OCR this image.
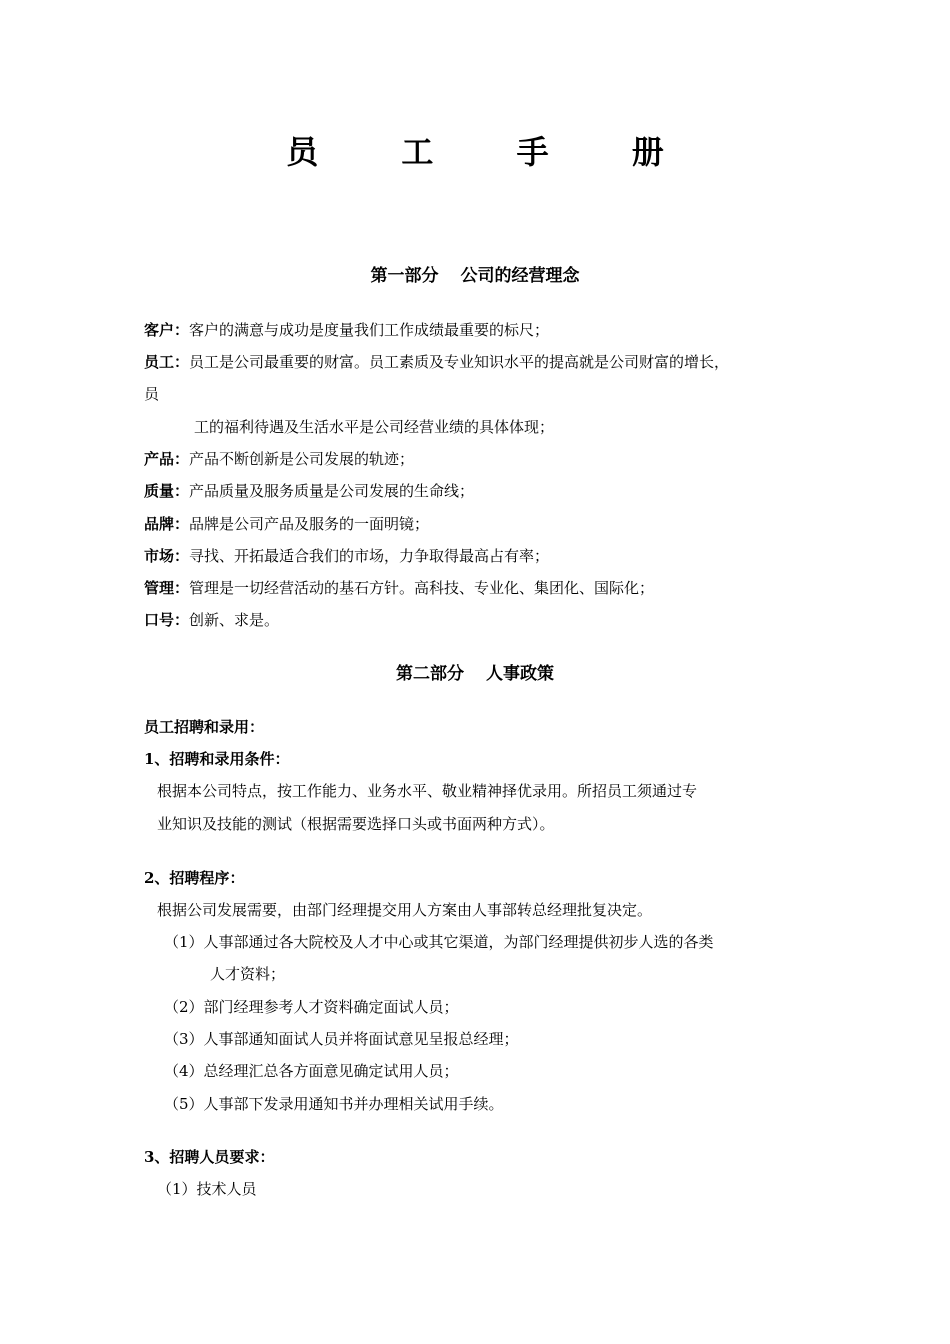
员 工 手 册
第一部分 公司的经营理念
客户：客户的满意与成功是度量我们工作成绩最重要的标尺；
员工：员工是公司最重要的财富。员工素质及专业知识水平的提高就是公司财富的增长，
员
工的福利待遇及生活水平是公司经营业绩的具体体现；
产品：产品不断创新是公司发展的轨迹；
质量：产品质量及服务质量是公司发展的生命线；
品牌：品牌是公司产品及服务的一面明镜；
市场：寻找、开拓最适合我们的市场，力争取得最高占有率；
管理：管理是一切经营活动的基石方针。高科技、专业化、集团化、国际化；
口号：创新、求是。
第二部分 人事政策
员工招聘和录用：
1、招聘和录用条件：
根据本公司特点，按工作能力、业务水平、敬业精神择优录用。所招员工须通过专
业知识及技能的测试（根据需要选择口头或书面两种方式）。
2、招聘程序：
根据公司发展需要，由部门经理提交用人方案由人事部转总经理批复决定。
（1）人事部通过各大院校及人才中心或其它渠道，为部门经理提供初步人选的各类
人才资料；
（2）部门经理参考人才资料确定面试人员；
（3）人事部通知面试人员并将面试意见呈报总经理；
（4）总经理汇总各方面意见确定试用人员；
（5）人事部下发录用通知书并办理相关试用手续。
3、招聘人员要求：
（1）技术人员
